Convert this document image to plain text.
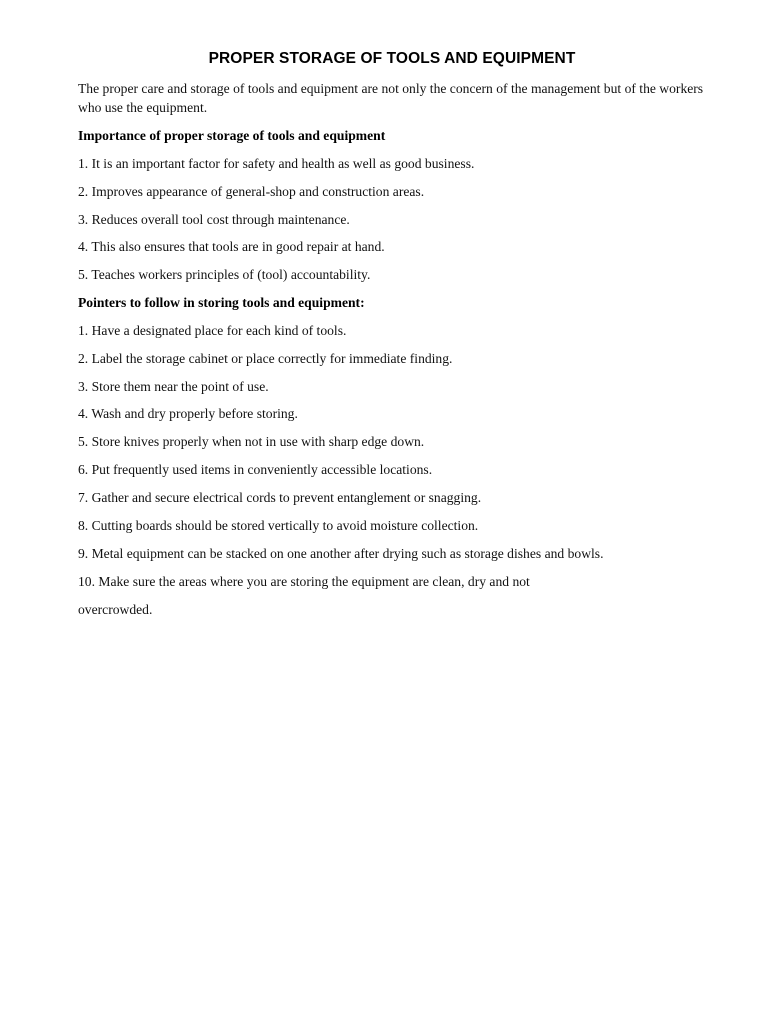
PROPER STORAGE OF TOOLS AND EQUIPMENT
The proper care and storage of tools and equipment are not only the concern of the management but of the workers who use the equipment.
Importance of proper storage of tools and equipment
1. It is an important factor for safety and health as well as good business.
2. Improves appearance of general-shop and construction areas.
3. Reduces overall tool cost through maintenance.
4. This also ensures that tools are in good repair at hand.
5. Teaches workers principles of (tool) accountability.
Pointers to follow in storing tools and equipment:
1. Have a designated place for each kind of tools.
2. Label the storage cabinet or place correctly for immediate finding.
3. Store them near the point of use.
4. Wash and dry properly before storing.
5. Store knives properly when not in use with sharp edge down.
6. Put frequently used items in conveniently accessible locations.
7. Gather and secure electrical cords to prevent entanglement or snagging.
8. Cutting boards should be stored vertically to avoid moisture collection.
9. Metal equipment can be stacked on one another after drying such as storage dishes and bowls.
10. Make sure the areas where you are storing the equipment are clean, dry and not
overcrowded.
